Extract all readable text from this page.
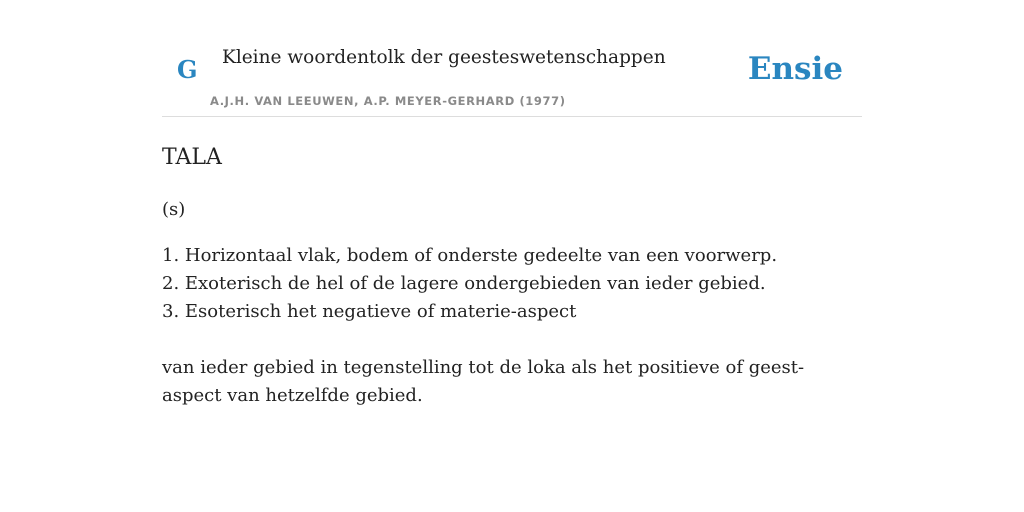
G Kleine woordentolk der geesteswetenschappen
A.J.H. VAN LEEUWEN, A.P. MEYER-GERHARD (1977)
Ensie
TALA

(s)

1. Horizontaal vlak, bodem of onderste gedeelte van een voorwerp.
2. Exoterisch de hel of de lagere ondergebieden van ieder gebied.
3. Esoterisch het negatieve of materie-aspect

van ieder gebied in tegenstelling tot de loka als het positieve of geest-aspect van hetzelfde gebied.
